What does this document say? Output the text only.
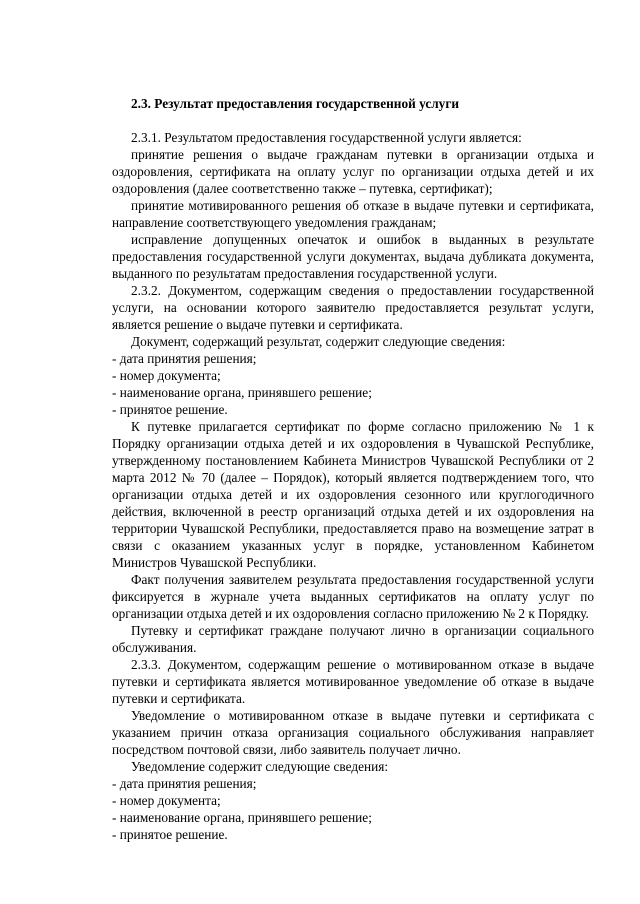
2.3. Результат предоставления государственной услуги
2.3.1. Результатом предоставления государственной услуги является:
принятие решения о выдаче гражданам путевки в организации отдыха и оздоровления, сертификата на оплату услуг по организации отдыха детей и их оздоровления (далее соответственно также – путевка, сертификат);
принятие мотивированного решения об отказе в выдаче путевки и сертификата, направление соответствующего уведомления гражданам;
исправление допущенных опечаток и ошибок в выданных в результате предоставления государственной услуги документах, выдача дубликата документа, выданного по результатам предоставления государственной услуги.
2.3.2. Документом, содержащим сведения о предоставлении государственной услуги, на основании которого заявителю предоставляется результат услуги, является решение о выдаче путевки и сертификата.
Документ, содержащий результат, содержит следующие сведения:
- дата принятия решения;
- номер документа;
- наименование органа, принявшего решение;
- принятое решение.
К путевке прилагается сертификат по форме согласно приложению № 1 к Порядку организации отдыха детей и их оздоровления в Чувашской Республике, утвержденному постановлением Кабинета Министров Чувашской Республики от 2 марта 2012 № 70 (далее – Порядок), который является подтверждением того, что организации отдыха детей и их оздоровления сезонного или круглогодичного действия, включенной в реестр организаций отдыха детей и их оздоровления на территории Чувашской Республики, предоставляется право на возмещение затрат в связи с оказанием указанных услуг в порядке, установленном Кабинетом Министров Чувашской Республики.
Факт получения заявителем результата предоставления государственной услуги фиксируется в журнале учета выданных сертификатов на оплату услуг по организации отдыха детей и их оздоровления согласно приложению № 2 к Порядку.
Путевку и сертификат граждане получают лично в организации социального обслуживания.
2.3.3. Документом, содержащим решение о мотивированном отказе в выдаче путевки и сертификата является мотивированное уведомление об отказе в выдаче путевки и сертификата.
Уведомление о мотивированном отказе в выдаче путевки и сертификата с указанием причин отказа организация социального обслуживания направляет посредством почтовой связи, либо заявитель получает лично.
Уведомление содержит следующие сведения:
- дата принятия решения;
- номер документа;
- наименование органа, принявшего решение;
- принятое решение.
